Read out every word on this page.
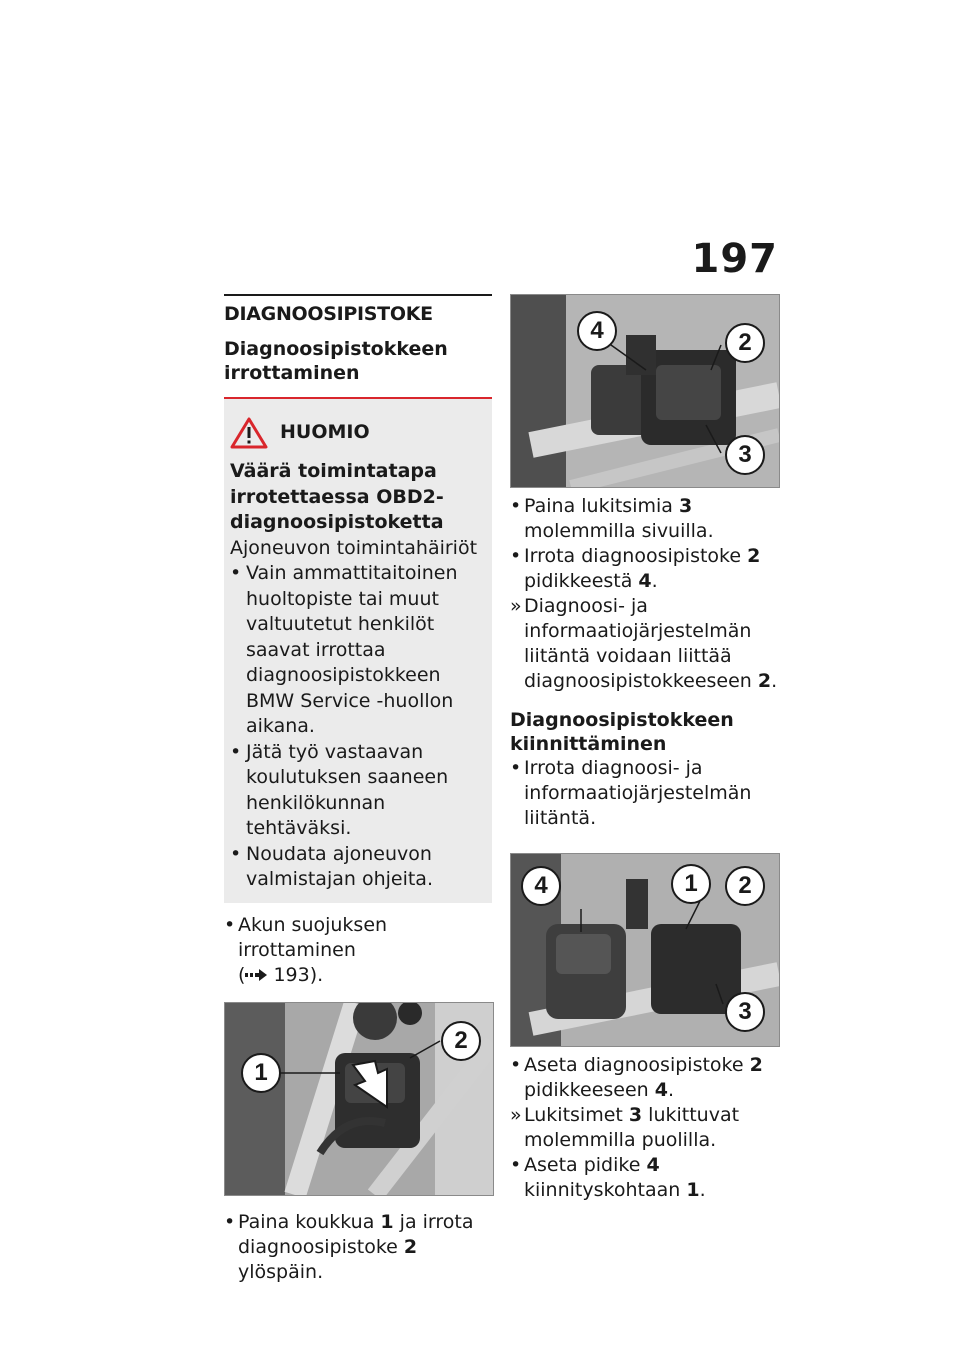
197
DIAGNOOSIPISTOKE
Diagnoosipistokkeen irrottaminen
HUOMIO
Väärä toimintatapa irrotettaessa OBD2-diagnoosipistoketta
Ajoneuvon toimintahäiriöt
• Vain ammattitaitoinen huoltopiste tai muut valtuutetut henkilöt saavat irrottaa diagnoosipistokkeen BMW Service -huollon aikana.
• Jätä työ vastaavan koulutuksen saaneen henkilökunnan tehtäväksi.
• Noudata ajoneuvon valmistajan ohjeita.
• Akun suojuksen irrottaminen
( 193).
1
2
• Paina koukkua 1 ja irrota diagnoosipistoke 2 ylöspäin.
4	2
3
• Paina lukitsimia 3 molemmilla sivuilla.
• Irrota diagnoosipistoke 2 pidikkeestä 4.
» Diagnoosi- ja informaatiojärjestelmän liitäntä voidaan liittää diagnoosipistokkeeseen 2.
Diagnoosipistokkeen kiinnittäminen
• Irrota diagnoosi- ja informaatiojärjestelmän liitäntä.
4	1	2
3
• Aseta diagnoosipistoke 2 pidikkeeseen 4.
» Lukitsimet 3 lukittuvat molemmilla puolilla.
• Aseta pidike 4 kiinnityskohtaan 1.
